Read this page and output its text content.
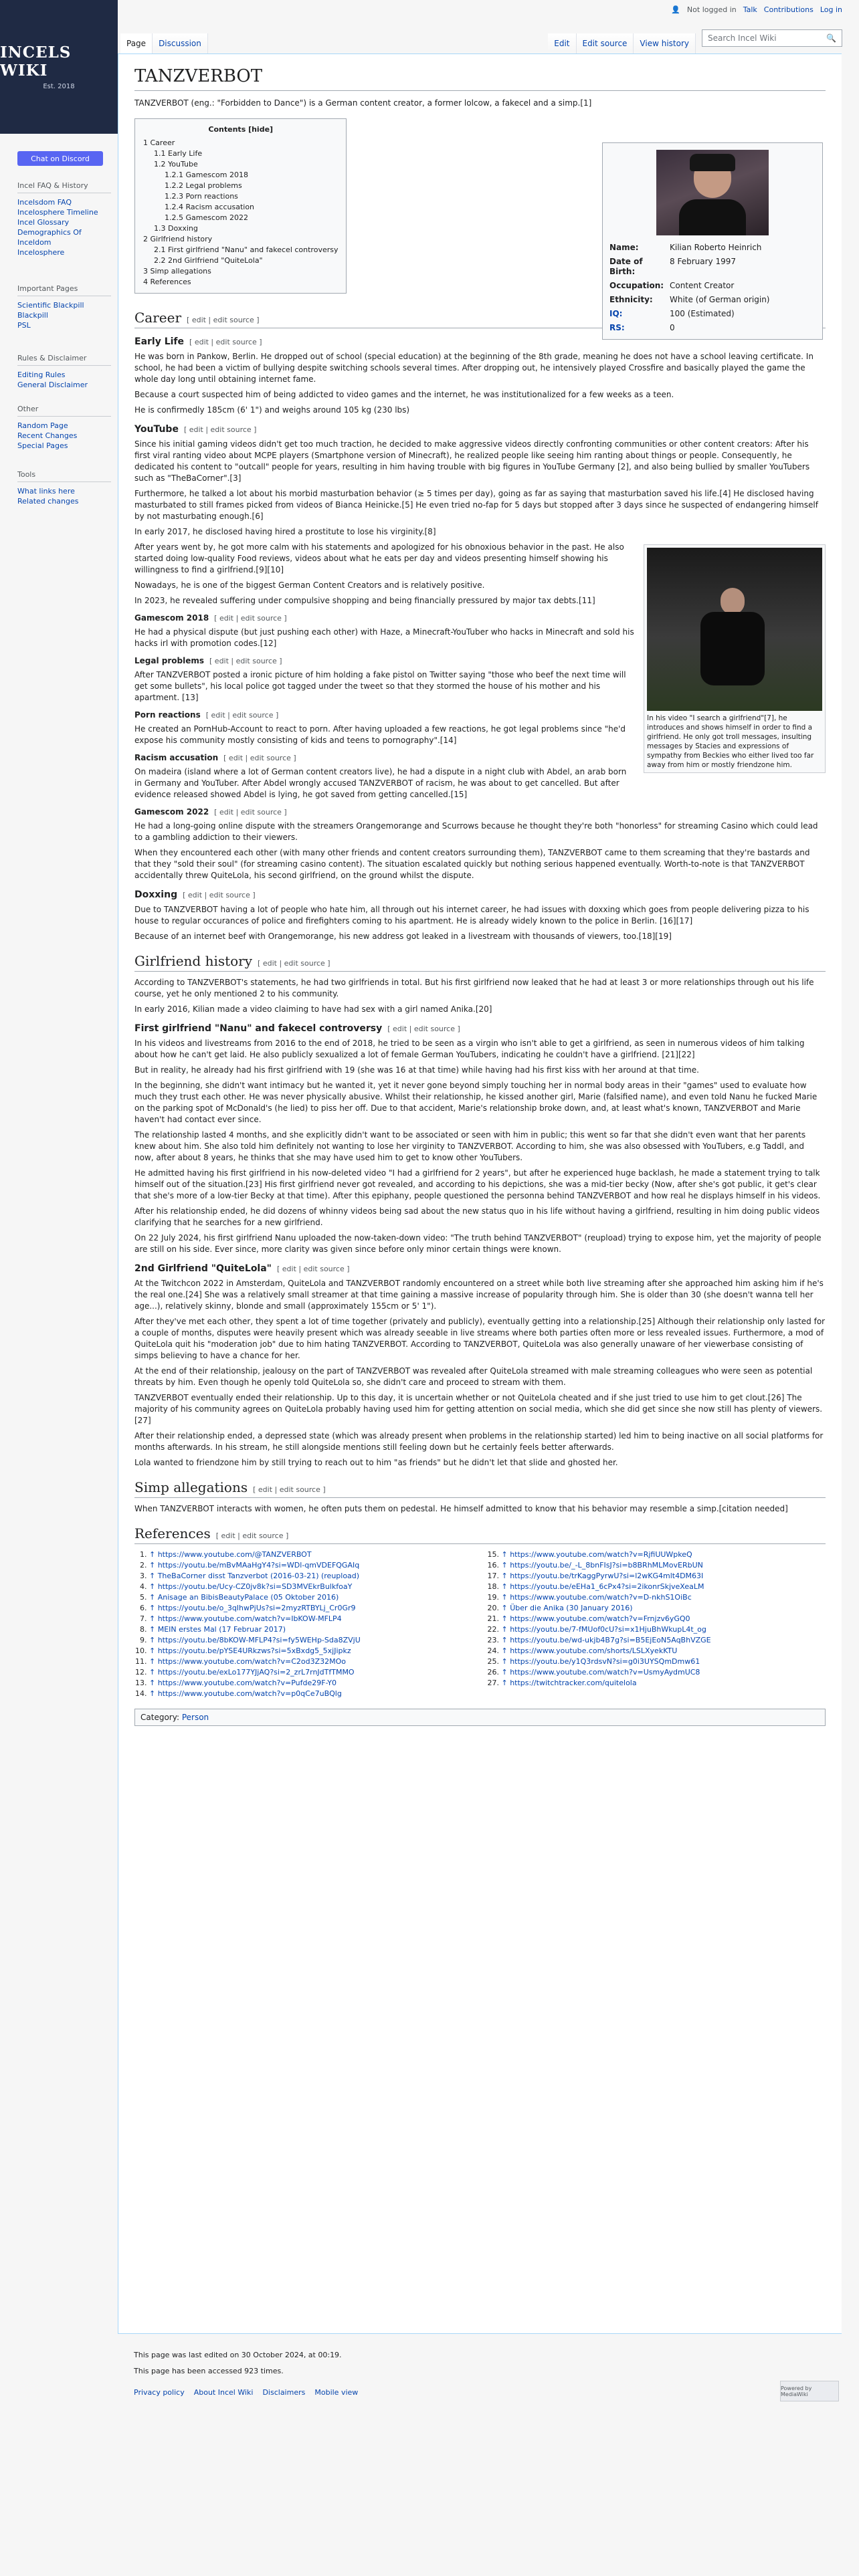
INCELS WIKI
Est. 2018
Chat on Discord
Incel FAQ & History
Incelsdom FAQ
Incelosphere Timeline
Incel Glossary
Demographics Of Inceldom
Incelosphere
Important Pages
Scientific Blackpill
Blackpill
PSL
Rules & Disclaimer
Editing Rules
General Disclaimer
Other
Random Page
Recent Changes
Special Pages
Tools
What links here
Related changes
👤 Not logged in Talk Contributions Log in
Page	Discussion	Edit Edit source View history
Search Incel Wiki	🔍
TANZVERBOT

TANZVERBOT (eng.: "Forbidden to Dance") is a German content creator, a former lolcow, a fakecel and a simp.[1]

Contents [hide]
1 Career
1.1 Early Life
1.2 YouTube
1.2.1 Gamescom 2018
1.2.2 Legal problems
1.2.3 Porn reactions
1.2.4 Racism accusation
1.2.5 Gamescom 2022
1.3 Doxxing
2 Girlfriend history
2.1 First girlfriend "Nanu" and fakecel controversy
2.2 2nd Girlfriend "QuiteLola"
3 Simp allegations
4 References
Career [ edit | edit source ]
Early Life [ edit | edit source ]

He was born in Pankow, Berlin. He dropped out of school (special education) at the beginning of the 8th grade, meaning he does not have a school leaving certificate. In school, he had been a victim of bullying despite switching schools several times. After dropping out, he intensively played Crossfire and basically played the game the whole day long until obtaining internet fame.

Because a court suspected him of being addicted to video games and the internet, he was institutionalized for a few weeks as a teen.

He is confirmedly 185cm (6' 1") and weighs around 105 kg (230 lbs)

YouTube [ edit | edit source ]

Since his initial gaming videos didn't get too much traction, he decided to make aggressive videos directly confronting communities or other content creators: After his first viral ranting video about MCPE players (Smartphone version of Minecraft), he realized people like seeing him ranting about things or people. Consequently, he dedicated his content to "outcall" people for years, resulting in him having trouble with big figures in YouTube Germany [2], and also being bullied by smaller YouTubers such as "TheBaCorner".[3]

Furthermore, he talked a lot about his morbid masturbation behavior (≥ 5 times per day), going as far as saying that masturbation saved his life.[4] He disclosed having masturbated to still frames picked from videos of Bianca Heinicke.[5] He even tried no-fap for 5 days but stopped after 3 days since he suspected of endangering himself by not masturbating enough.[6]

In early 2017, he disclosed having hired a prostitute to lose his virginity.[8]

In his video "I search a girlfriend"[7], he introduces and shows himself in order to find a girlfriend. He only got troll messages, insulting messages by Stacies and expressions of sympathy from Beckies who either lived too far away from him or mostly friendzone him.

After years went by, he got more calm with his statements and apologized for his obnoxious behavior in the past. He also started doing low-quality Food reviews, videos about what he eats per day and videos presenting himself showing his willingness to find a girlfriend.[9][10]

Nowadays, he is one of the biggest German Content Creators and is relatively positive.

In 2023, he revealed suffering under compulsive shopping and being financially pressured by major tax debts.[11]

Gamescom 2018 [ edit | edit source ]

He had a physical dispute (but just pushing each other) with Haze, a Minecraft-YouTuber who hacks in Minecraft and sold his hacks irl with promotion codes.[12]

Legal problems [ edit | edit source ]

After TANZVERBOT posted a ironic picture of him holding a fake pistol on Twitter saying "those who beef the next time will get some bullets", his local police got tagged under the tweet so that they stormed the house of his mother and his apartment. [13]

Porn reactions [ edit | edit source ]

He created an PornHub-Account to react to porn. After having uploaded a few reactions, he got legal problems since "he'd expose his community mostly consisting of kids and teens to pornography".[14]

Racism accusation [ edit | edit source ]

On madeira (island where a lot of German content creators live), he had a dispute in a night club with Abdel, an arab born in Germany and YouTuber. After Abdel wrongly accused TANZVERBOT of racism, he was about to get cancelled. But after evidence released showed Abdel is lying, he got saved from getting cancelled.[15]

Gamescom 2022 [ edit | edit source ]

He had a long-going online dispute with the streamers Orangemorange and Scurrows because he thought they're both "honorless" for streaming Casino which could lead to a gambling addiction to their viewers.

When they encountered each other (with many other friends and content creators surrounding them), TANZVERBOT came to them screaming that they're bastards and that they "sold their soul" (for streaming casino content). The situation escalated quickly but nothing serious happened eventually. Worth-to-note is that TANZVERBOT accidentally threw QuiteLola, his second girlfriend, on the ground whilst the dispute.

Doxxing [ edit | edit source ]

Due to TANZVERBOT having a lot of people who hate him, all through out his internet career, he had issues with doxxing which goes from people delivering pizza to his house to regular occurances of police and firefighters coming to his apartment. He is already widely known to the police in Berlin. [16][17]

Because of an internet beef with Orangemorange, his new address got leaked in a livestream with thousands of viewers, too.[18][19]

Girlfriend history [ edit | edit source ]

According to TANZVERBOT's statements, he had two girlfriends in total. But his first girlfriend now leaked that he had at least 3 or more relationships through out his life course, yet he only mentioned 2 to his community.

In early 2016, Kilian made a video claiming to have had sex with a girl named Anika.[20]

First girlfriend "Nanu" and fakecel controversy [ edit | edit source ]

In his videos and livestreams from 2016 to the end of 2018, he tried to be seen as a virgin who isn't able to get a girlfriend, as seen in numerous videos of him talking about how he can't get laid. He also publicly sexualized a lot of female German YouTubers, indicating he couldn't have a girlfriend. [21][22]

But in reality, he already had his first girlfriend with 19 (she was 16 at that time) while having had his first kiss with her around at that time.

In the beginning, she didn't want intimacy but he wanted it, yet it never gone beyond simply touching her in normal body areas in their "games" used to evaluate how much they trust each other. He was never physically abusive. Whilst their relationship, he kissed another girl, Marie (falsified name), and even told Nanu he fucked Marie on the parking spot of McDonald's (he lied) to piss her off. Due to that accident, Marie's relationship broke down, and, at least what's known, TANZVERBOT and Marie haven't had contact ever since.

The relationship lasted 4 months, and she explicitly didn't want to be associated or seen with him in public; this went so far that she didn't even want that her parents knew about him. She also told him definitely not wanting to lose her virginity to TANZVERBOT. According to him, she was also obsessed with YouTubers, e.g Taddl, and now, after about 8 years, he thinks that she may have used him to get to know other YouTubers.

He admitted having his first girlfriend in his now-deleted video "I had a girlfriend for 2 years", but after he experienced huge backlash, he made a statement trying to talk himself out of the situation.[23] His first girlfriend never got revealed, and according to his depictions, she was a mid-tier becky (Now, after she's got public, it get's clear that she's more of a low-tier Becky at that time). After this epiphany, people questioned the personna behind TANZVERBOT and how real he displays himself in his videos.

After his relationship ended, he did dozens of whinny videos being sad about the new status quo in his life without having a girlfriend, resulting in him doing public videos clarifying that he searches for a new girlfriend.

On 22 July 2024, his first girlfriend Nanu uploaded the now-taken-down video: "The truth behind TANZVERBOT" (reupload) trying to expose him, yet the majority of people are still on his side. Ever since, more clarity was given since before only minor certain things were known.

2nd Girlfriend "QuiteLola" [ edit | edit source ]

At the Twitchcon 2022 in Amsterdam, QuiteLola and TANZVERBOT randomly encountered on a street while both live streaming after she approached him asking him if he's the real one.[24] She was a relatively small streamer at that time gaining a massive increase of popularity through him. She is older than 30 (she doesn't wanna tell her age...), relatively skinny, blonde and small (approximately 155cm or 5' 1").

After they've met each other, they spent a lot of time together (privately and publicly), eventually getting into a relationship.[25] Although their relationship only lasted for a couple of months, disputes were heavily present which was already seeable in live streams where both parties often more or less revealed issues. Furthermore, a mod of QuiteLola quit his "moderation job" due to him hating TANZVERBOT. According to TANZVERBOT, QuiteLola was also generally unaware of her viewerbase consisting of simps believing to have a chance for her.

At the end of their relationship, jealousy on the part of TANZVERBOT was revealed after QuiteLola streamed with male streaming colleagues who were seen as potential threats by him. Even though he openly told QuiteLola so, she didn't care and proceed to stream with them.

TANZVERBOT eventually ended their relationship. Up to this day, it is uncertain whether or not QuiteLola cheated and if she just tried to use him to get clout.[26] The majority of his community agrees on QuiteLola probably having used him for getting attention on social media, which she did get since she now still has plenty of viewers. [27]

After their relationship ended, a depressed state (which was already present when problems in the relationship started) led him to being inactive on all social platforms for months afterwards. In his stream, he still alongside mentions still feeling down but he certainly feels better afterwards.

Lola wanted to friendzone him by still trying to reach out to him "as friends" but he didn't let that slide and ghosted her.

Simp allegations [ edit | edit source ]

When TANZVERBOT interacts with women, he often puts them on pedestal. He himself admitted to know that his behavior may resemble a simp.[citation needed]

References [ edit | edit source ]
1. ↑ https://www.youtube.com/@TANZVERBOT
2. ↑ https://youtu.be/mBvMAaHgY4?si=WDl-qmVDEFQGAIq
3. ↑ TheBaCorner disst Tanzverbot (2016-03-21) (reupload)
4. ↑ https://youtu.be/Ucy-CZ0jv8k?si=SD3MVEkrBulkfoaY
5. ↑ Anisage an BibisBeautyPalace (05 Oktober 2016)
6. ↑ https://youtu.be/o_3qIhwPjUs?si=2myzRTBYLj_Cr0Gr9
7. ↑ https://www.youtube.com/watch?v=IbKOW-MFLP4
8. ↑ MEIN erstes Mal (17 Februar 2017)
9. ↑ https://youtu.be/8bKOW-MFLP4?si=fy5WEHp-Sda8ZVjU
10. ↑ https://youtu.be/pYSE4URkzws?si=5xBxdg5_5xjJipkz
11. ↑ https://www.youtube.com/watch?v=C2od3Z32MOo
12. ↑ https://youtu.be/exLo177YJjAQ?si=2_zrL7rnJdTfTMMO
13. ↑ https://www.youtube.com/watch?v=Pufde29F-Y0
14. ↑ https://www.youtube.com/watch?v=p0qCe7uBQlg
15. ↑ https://www.youtube.com/watch?v=RjfiUUWpkeQ
16. ↑ https://youtu.be/_-L_8bnFIsJ?si=b8BRhMLMovERbUN
17. ↑ https://youtu.be/trKaggPyrwU?si=l2wKG4mlt4DM63I
18. ↑ https://youtu.be/eEHa1_6cPx4?si=2ikonrSkjveXeaLM
19. ↑ https://www.youtube.com/watch?v=D-nkhS1OiBc
20. ↑ Über die Anika (30 January 2016)
21. ↑ https://www.youtube.com/watch?v=Frnjzv6yGQ0
22. ↑ https://youtu.be/7-fMUof0cU?si=x1HjuBhWkupL4t_og
23. ↑ https://youtu.be/wd-ukjb4B7g?si=B5EjEoN5AqBhVZGE
24. ↑ https://www.youtube.com/shorts/LSLXyekKTU
25. ↑ https://youtu.be/y1Q3rdsvN?si=g0i3UYSQmDmw61
26. ↑ https://www.youtube.com/watch?v=UsmyAydmUC8
27. ↑ https://twitchtracker.com/quitelola
Category: Person
Name:	Kilian Roberto Heinrich
Date of Birth:	8 February 1997
Occupation:	Content Creator
Ethnicity:	White (of German origin)
IQ:	100 (Estimated)
RS:	0
This page was last edited on 30 October 2024, at 00:19.
This page has been accessed 923 times.
Privacy policy About Incel Wiki Disclaimers Mobile view	Powered by MediaWiki
